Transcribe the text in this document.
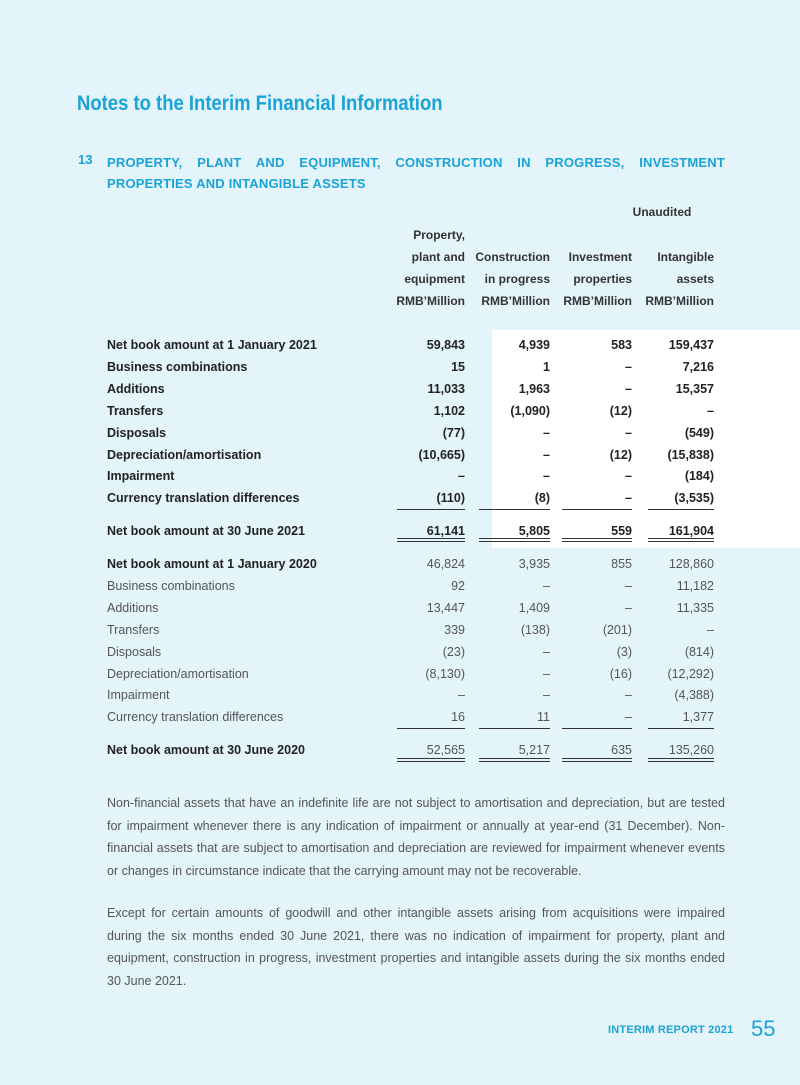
Notes to the Interim Financial Information
13 PROPERTY, PLANT AND EQUIPMENT, CONSTRUCTION IN PROGRESS, INVESTMENT PROPERTIES AND INTANGIBLE ASSETS
Unaudited
Property,
plant and
equipment
RMB’Million
Construction
in progress
RMB’Million
Investment
properties
RMB’Million
Intangible
assets
RMB’Million
Net book amount at 1 January 2021	59,843	4,939	583	159,437
Business combinations	15	1	–	7,216
Additions	11,033	1,963	–	15,357
Transfers	1,102	(1,090)	(12)	–
Disposals	(77)	–	–	(549)
Depreciation/amortisation	(10,665)	–	(12)	(15,838)
Impairment	–	–	–	(184)
Currency translation differences	(110)	(8)	–	(3,535)
Net book amount at 30 June 2021	61,141	5,805	559	161,904
Net book amount at 1 January 2020	46,824	3,935	855	128,860
Business combinations	92	–	–	11,182
Additions	13,447	1,409	–	11,335
Transfers	339	(138)	(201)	–
Disposals	(23)	–	(3)	(814)
Depreciation/amortisation	(8,130)	–	(16)	(12,292)
Impairment	–	–	–	(4,388)
Currency translation differences	16	11	–	1,377
Net book amount at 30 June 2020	52,565	5,217	635	135,260
Non-financial assets that have an indefinite life are not subject to amortisation and depreciation, but are tested for impairment whenever there is any indication of impairment or annually at year-end (31 December). Non-financial assets that are subject to amortisation and depreciation are reviewed for impairment whenever events or changes in circumstance indicate that the carrying amount may not be recoverable.
Except for certain amounts of goodwill and other intangible assets arising from acquisitions were impaired during the six months ended 30 June 2021, there was no indication of impairment for property, plant and equipment, construction in progress, investment properties and intangible assets during the six months ended 30 June 2021.
INTERIM REPORT 2021 55
